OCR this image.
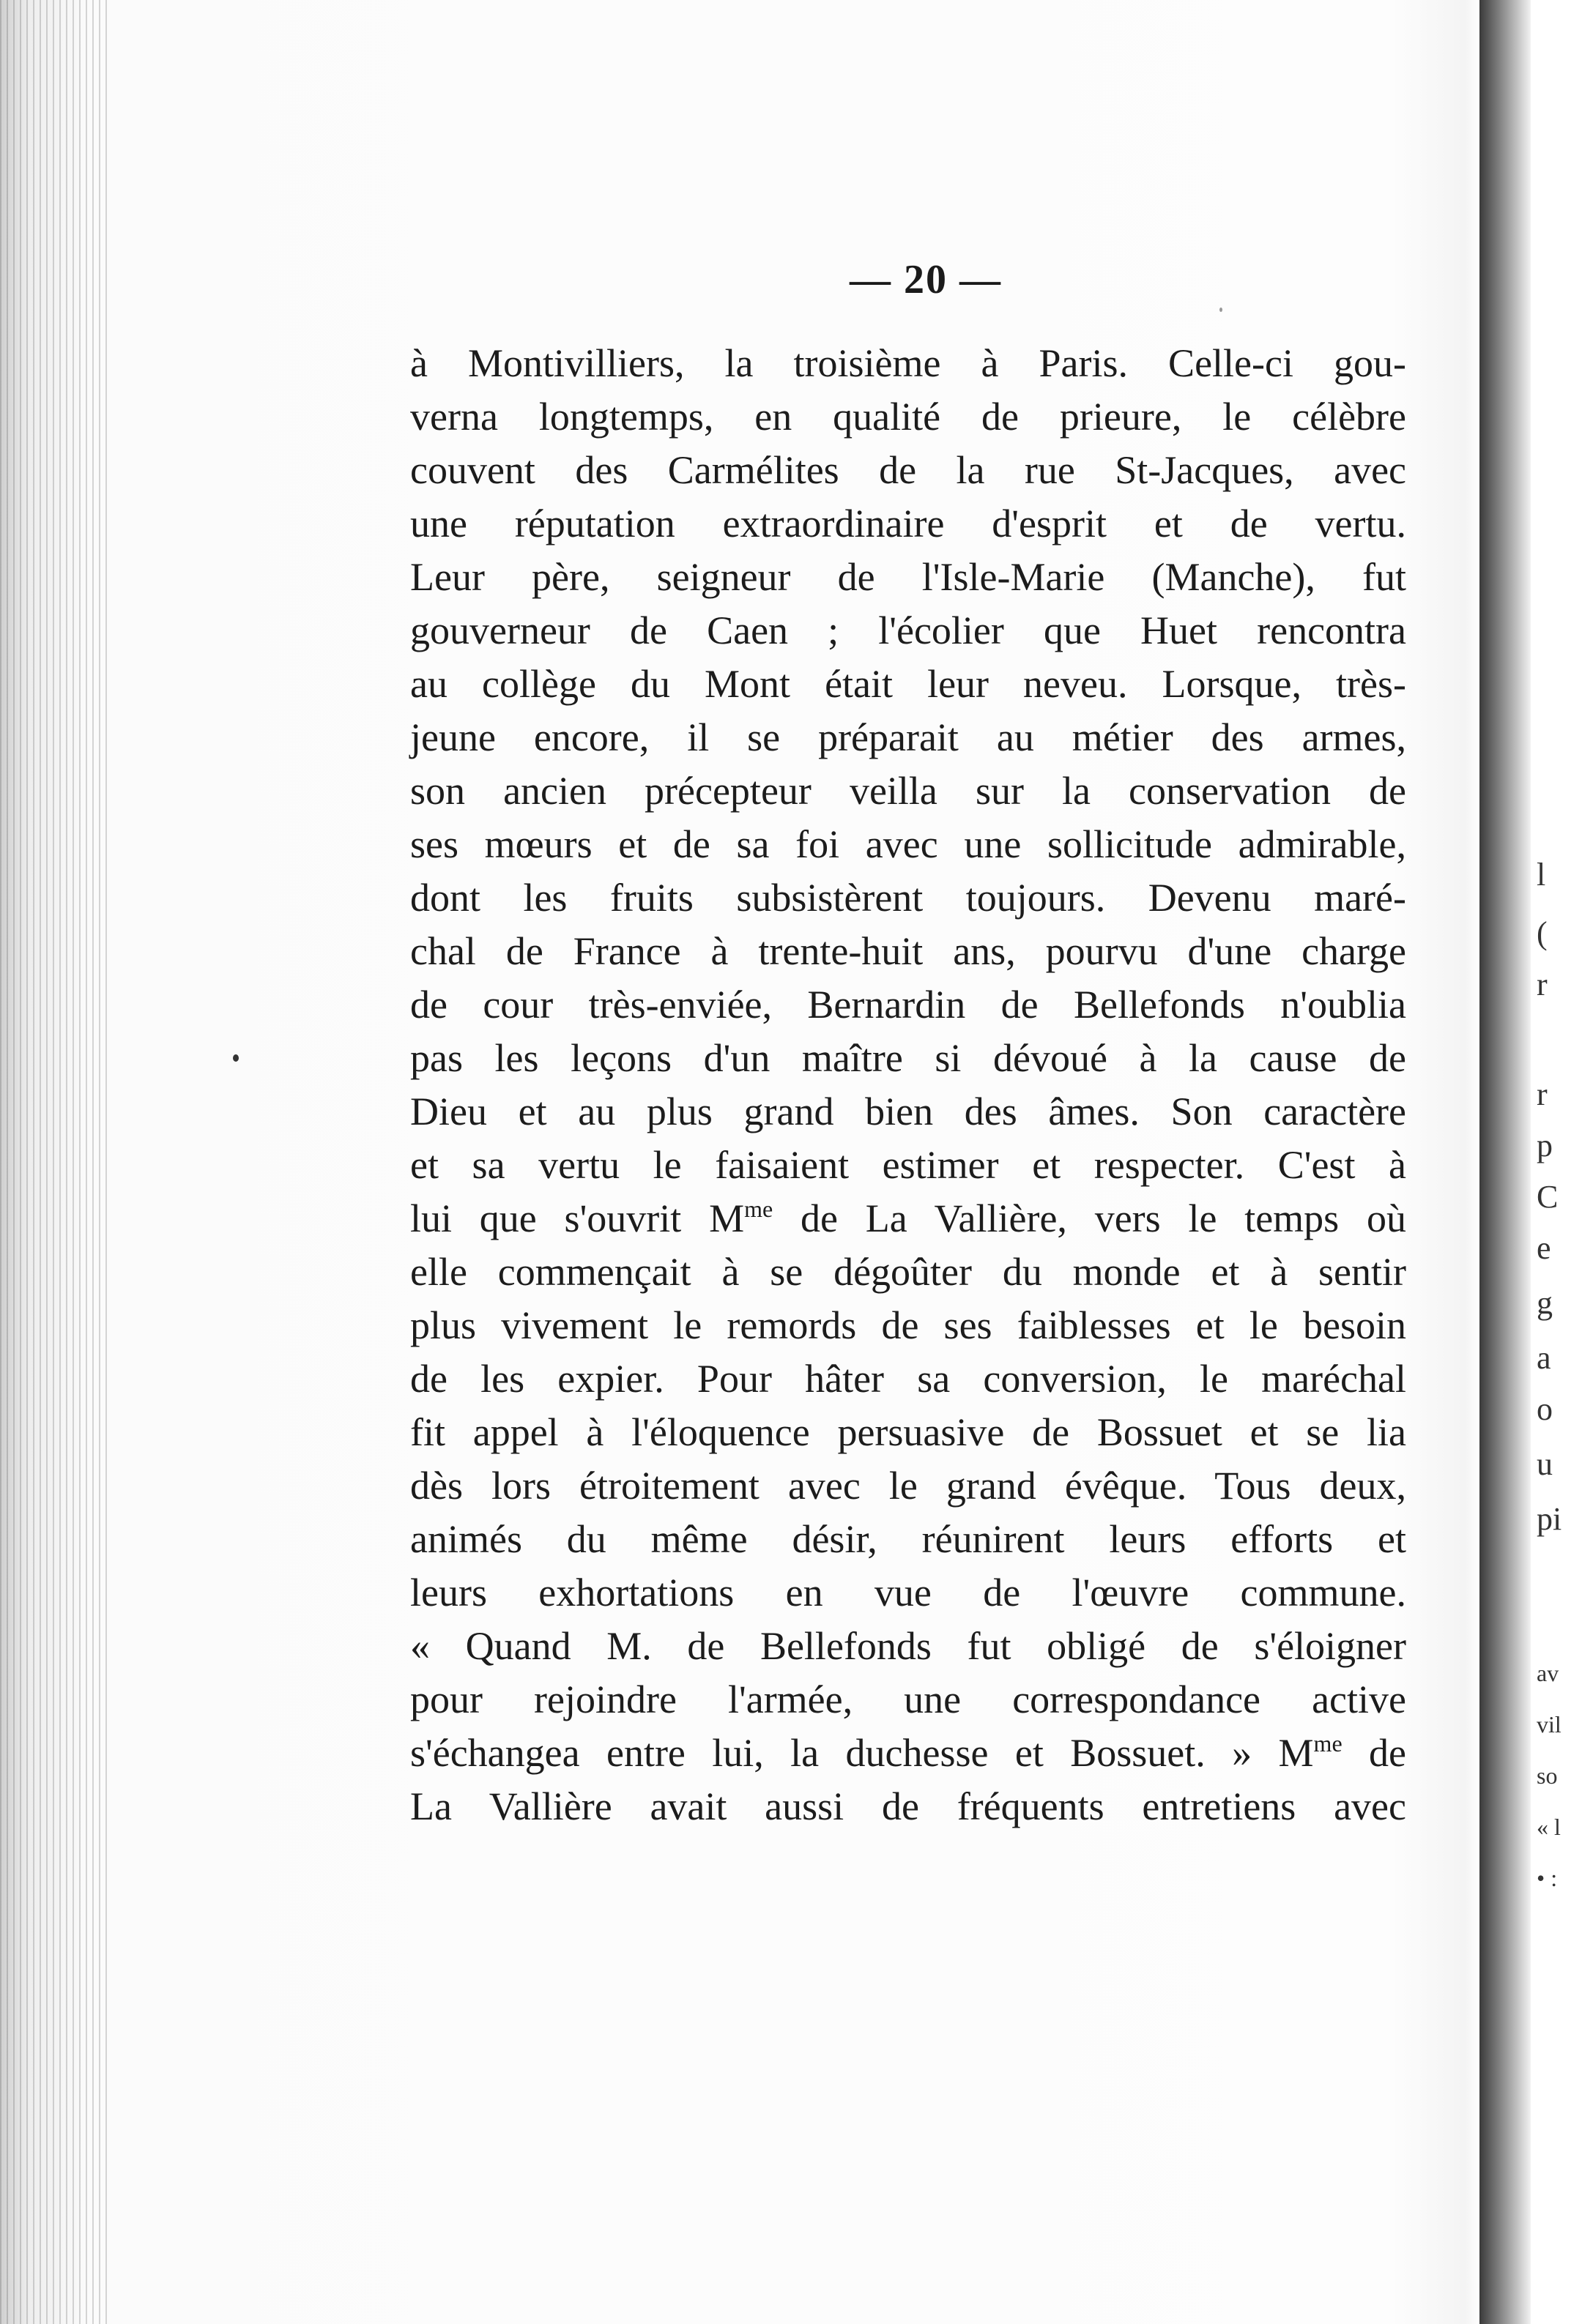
— 20 —
à Montivilliers, la troisième à Paris. Celle-ci gou-
verna longtemps, en qualité de prieure, le célèbre
couvent des Carmélites de la rue St-Jacques, avec
une réputation extraordinaire d'esprit et de vertu.
Leur père, seigneur de l'Isle-Marie (Manche), fut
gouverneur de Caen ; l'écolier que Huet rencontra
au collège du Mont était leur neveu. Lorsque, très-
jeune encore, il se préparait au métier des armes,
son ancien précepteur veilla sur la conservation de
ses mœurs et de sa foi avec une sollicitude admirable,
dont les fruits subsistèrent toujours. Devenu maré-
chal de France à trente-huit ans, pourvu d'une charge
de cour très-enviée, Bernardin de Bellefonds n'oublia
pas les leçons d'un maître si dévoué à la cause de
Dieu et au plus grand bien des âmes. Son caractère
et sa vertu le faisaient estimer et respecter. C'est à
lui que s'ouvrit $M^{me}$ de La Vallière, vers le temps où
elle commençait à se dégoûter du monde et à sentir
plus vivement le remords de ses faiblesses et le besoin
de les expier. Pour hâter sa conversion, le maréchal
fit appel à l'éloquence persuasive de Bossuet et se lia
dès lors étroitement avec le grand évêque. Tous deux,
animés du même désir, réunirent leurs efforts et
leurs exhortations en vue de l'œuvre commune.
« Quand M. de Bellefonds fut obligé de s'éloigner
pour rejoindre l'armée, une correspondance active
s'échangea entre lui, la duchesse et Bossuet. » $M^{me}$ de
La Vallière avait aussi de fréquents entretiens avec
l
(
r
r
p
C
e
g
a
o
u
pi
av
vil
so
« l
• :
